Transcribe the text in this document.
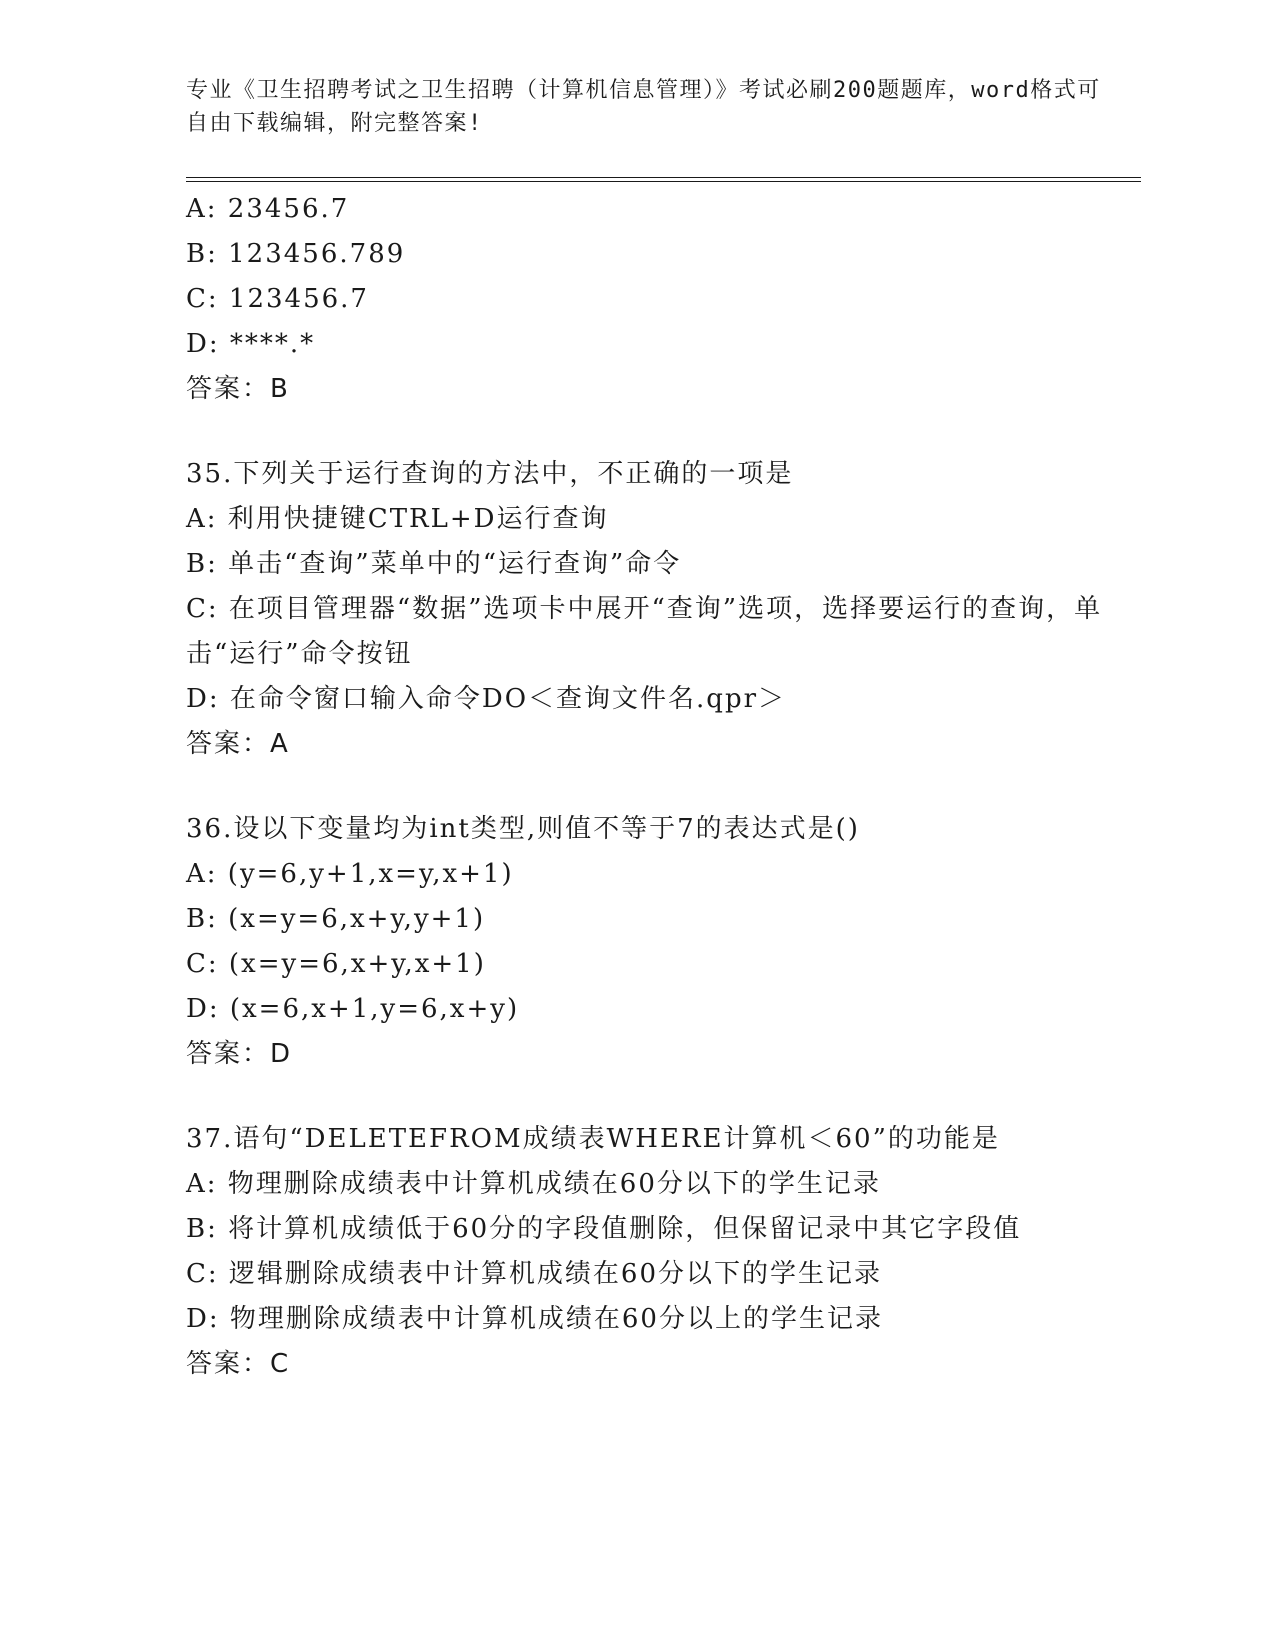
专业《卫生招聘考试之卫生招聘（计算机信息管理）》考试必刷200题题库，word格式可自由下载编辑，附完整答案!
A: 23456.7
B: 123456.789
C: 123456.7
D: ****.*
答案：B
35.下列关于运行查询的方法中，不正确的一项是
A: 利用快捷键CTRL+D运行查询
B: 单击“查询”菜单中的“运行查询”命令
C: 在项目管理器“数据”选项卡中展开“查询”选项，选择要运行的查询，单击“运行”命令按钮
D: 在命令窗口输入命令DO＜查询文件名.qpr＞
答案：A
36.设以下变量均为int类型,则值不等于7的表达式是()
A: (y=6,y+1,x=y,x+1)
B: (x=y=6,x+y,y+1)
C: (x=y=6,x+y,x+1)
D: (x=6,x+1,y=6,x+y)
答案：D
37.语句“DELETEFROM成绩表WHERE计算机＜60”的功能是
A: 物理删除成绩表中计算机成绩在60分以下的学生记录
B: 将计算机成绩低于60分的字段值删除，但保留记录中其它字段值
C: 逻辑删除成绩表中计算机成绩在60分以下的学生记录
D: 物理删除成绩表中计算机成绩在60分以上的学生记录
答案：C
